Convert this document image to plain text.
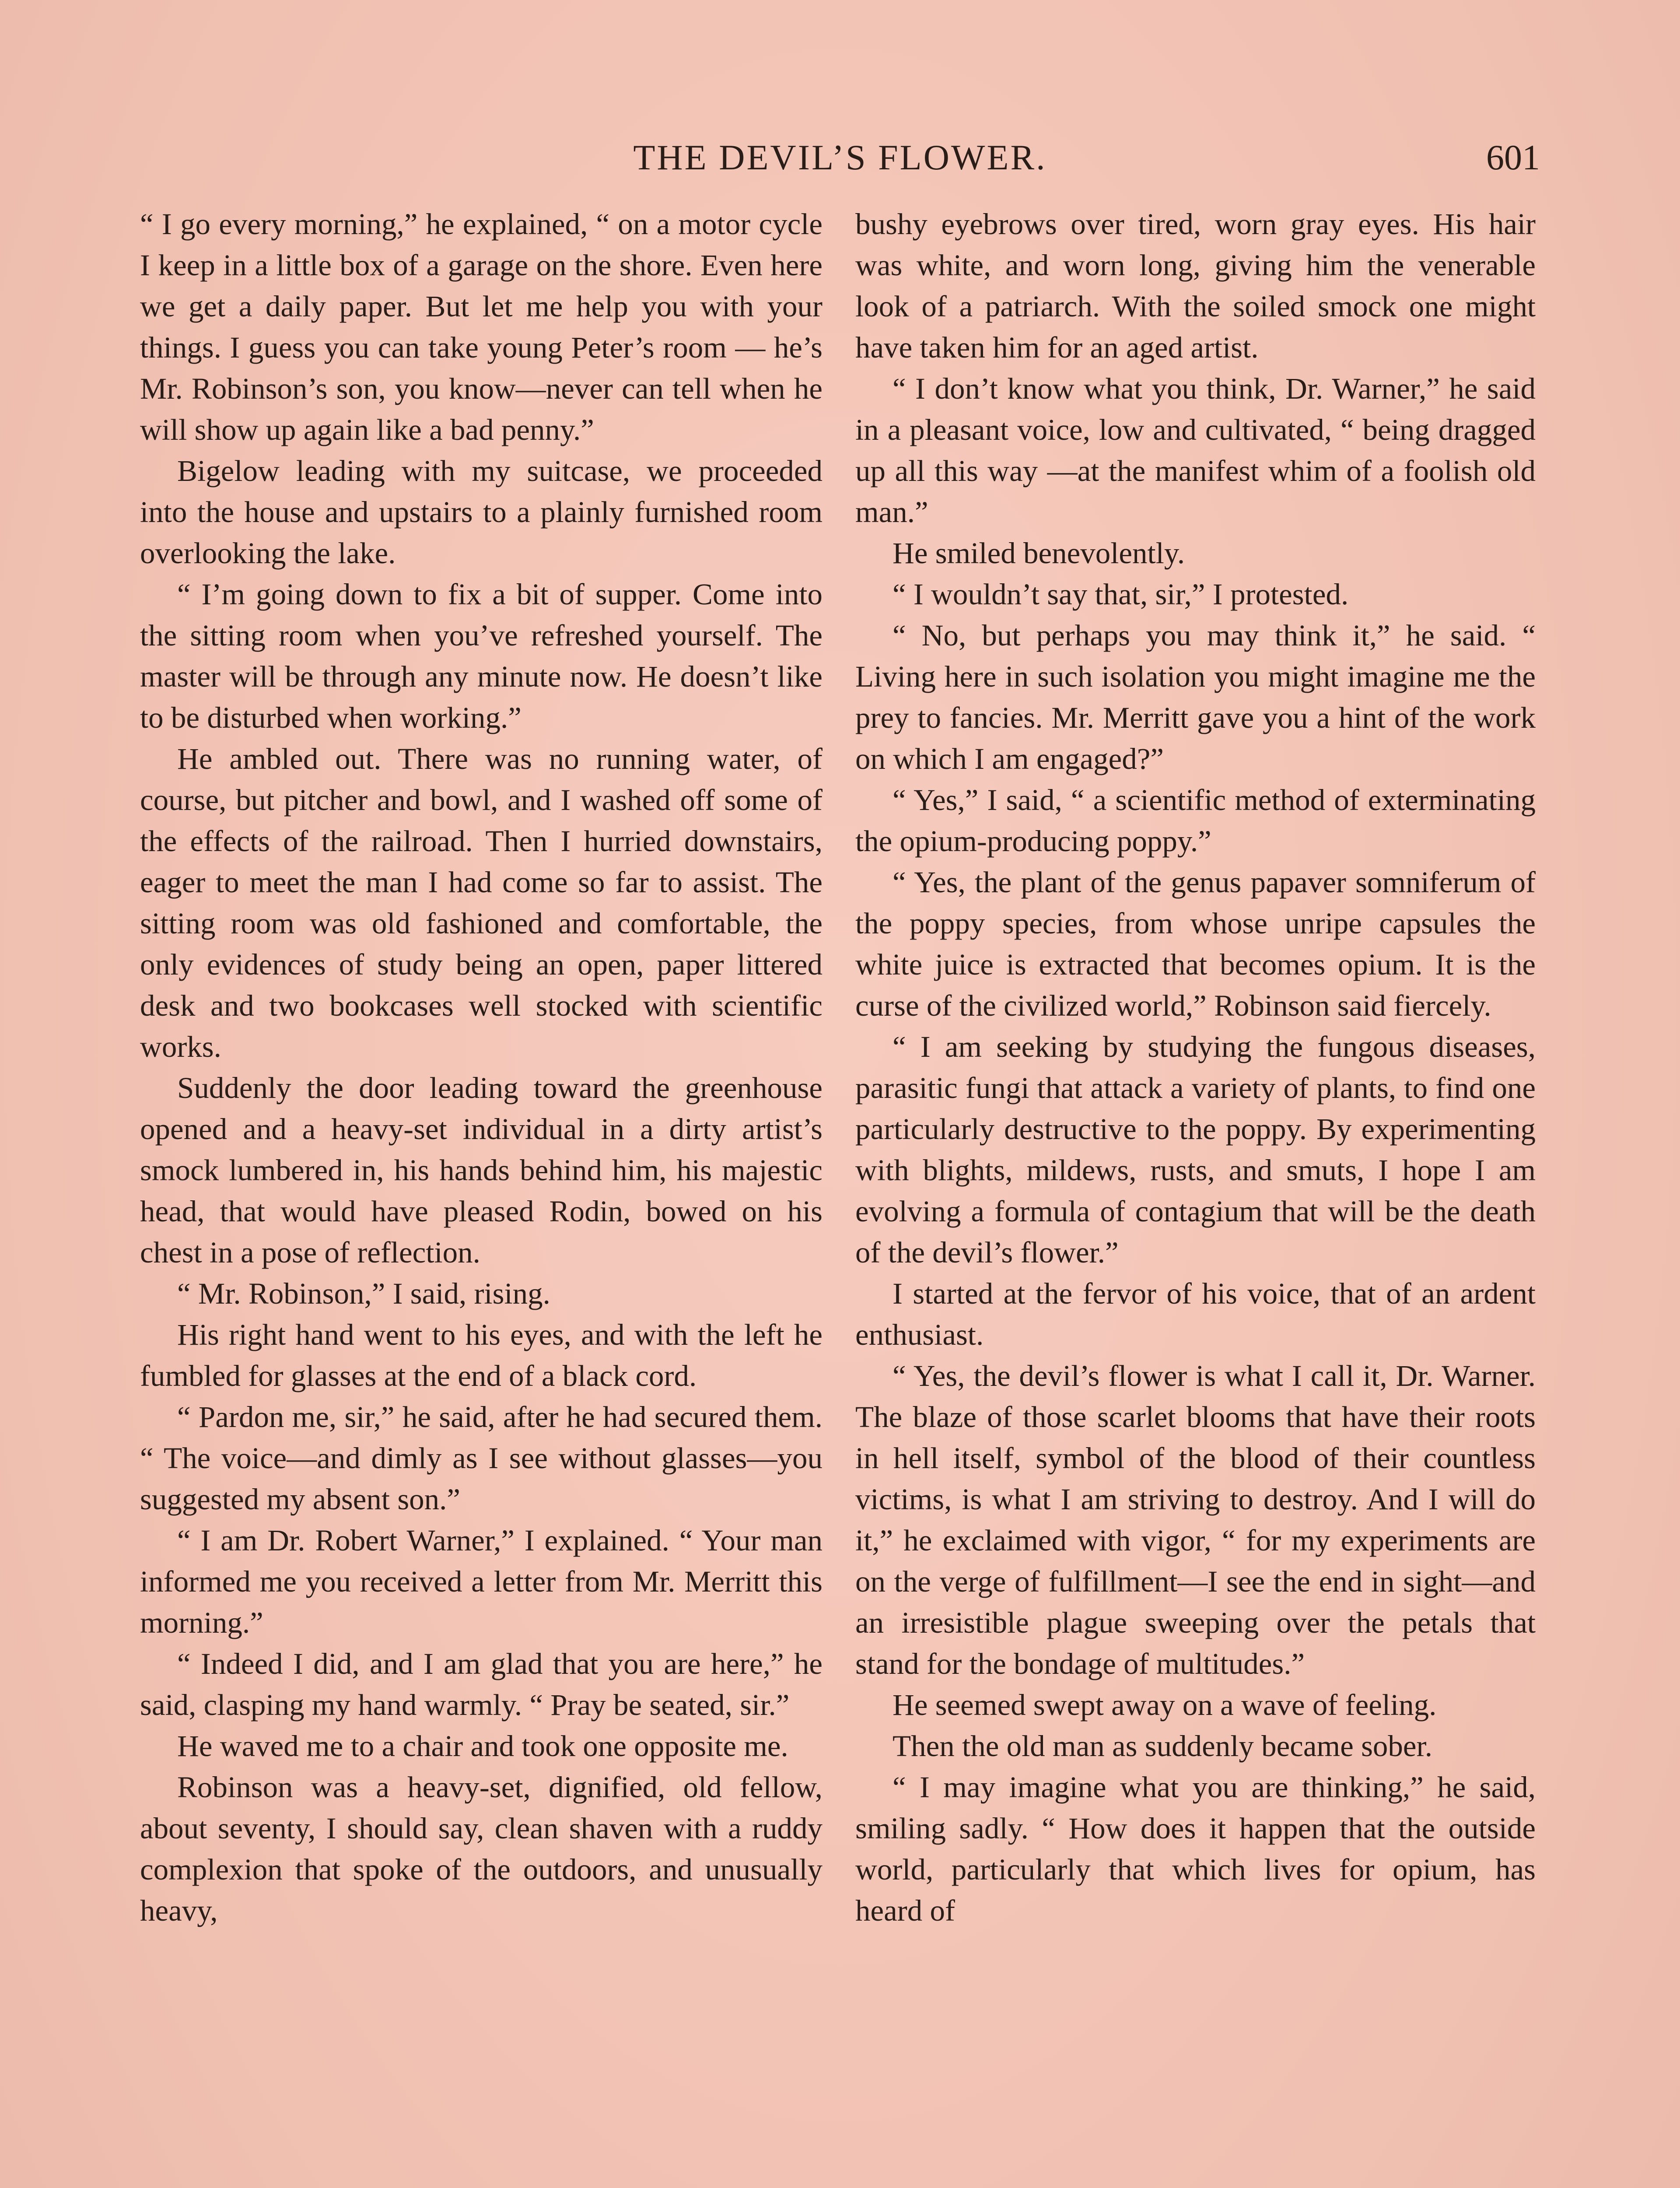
THE DEVIL’S FLOWER.	601

“ I go every morning,” he explained, “ on a motor cycle I keep in a little box of a garage on the shore. Even here we get a daily paper. But let me help you with your things. I guess you can take young Peter’s room — he’s Mr. Robinson’s son, you know—never can tell when he will show up again like a bad penny.”

Bigelow leading with my suitcase, we proceeded into the house and upstairs to a plainly furnished room overlooking the lake.

“ I’m going down to fix a bit of supper. Come into the sitting room when you’ve refreshed yourself. The master will be through any minute now. He doesn’t like to be disturbed when working.”

He ambled out. There was no running water, of course, but pitcher and bowl, and I washed off some of the effects of the railroad. Then I hurried downstairs, eager to meet the man I had come so far to assist. The sitting room was old fashioned and comfortable, the only evidences of study being an open, paper littered desk and two bookcases well stocked with scientific works.

Suddenly the door leading toward the greenhouse opened and a heavy-set individual in a dirty artist’s smock lumbered in, his hands behind him, his majestic head, that would have pleased Rodin, bowed on his chest in a pose of reflection.

“ Mr. Robinson,” I said, rising.

His right hand went to his eyes, and with the left he fumbled for glasses at the end of a black cord.

“ Pardon me, sir,” he said, after he had secured them. “ The voice—and dimly as I see without glasses—you suggested my absent son.”

“ I am Dr. Robert Warner,” I explained. “ Your man informed me you received a letter from Mr. Merritt this morning.”

“ Indeed I did, and I am glad that you are here,” he said, clasping my hand warmly. “ Pray be seated, sir.”

He waved me to a chair and took one opposite me.

Robinson was a heavy-set, dignified, old fellow, about seventy, I should say, clean shaven with a ruddy complexion that spoke of the outdoors, and unusually heavy,

bushy eyebrows over tired, worn gray eyes. His hair was white, and worn long, giving him the venerable look of a patriarch. With the soiled smock one might have taken him for an aged artist.

“ I don’t know what you think, Dr. Warner,” he said in a pleasant voice, low and cultivated, “ being dragged up all this way —at the manifest whim of a foolish old man.”

He smiled benevolently.

“ I wouldn’t say that, sir,” I protested.

“ No, but perhaps you may think it,” he said. “ Living here in such isolation you might imagine me the prey to fancies. Mr. Merritt gave you a hint of the work on which I am engaged?”

“ Yes,” I said, “ a scientific method of exterminating the opium-producing poppy.”

“ Yes, the plant of the genus papaver somniferum of the poppy species, from whose unripe capsules the white juice is extracted that becomes opium. It is the curse of the civilized world,” Robinson said fiercely.

“ I am seeking by studying the fungous diseases, parasitic fungi that attack a variety of plants, to find one particularly destructive to the poppy. By experimenting with blights, mildews, rusts, and smuts, I hope I am evolving a formula of contagium that will be the death of the devil’s flower.”

I started at the fervor of his voice, that of an ardent enthusiast.

“ Yes, the devil’s flower is what I call it, Dr. Warner. The blaze of those scarlet blooms that have their roots in hell itself, symbol of the blood of their countless victims, is what I am striving to destroy. And I will do it,” he exclaimed with vigor, “ for my experiments are on the verge of fulfillment—I see the end in sight—and an irresistible plague sweeping over the petals that stand for the bondage of multitudes.”

He seemed swept away on a wave of feeling.

Then the old man as suddenly became sober.

“ I may imagine what you are thinking,” he said, smiling sadly. “ How does it happen that the outside world, particularly that which lives for opium, has heard of
